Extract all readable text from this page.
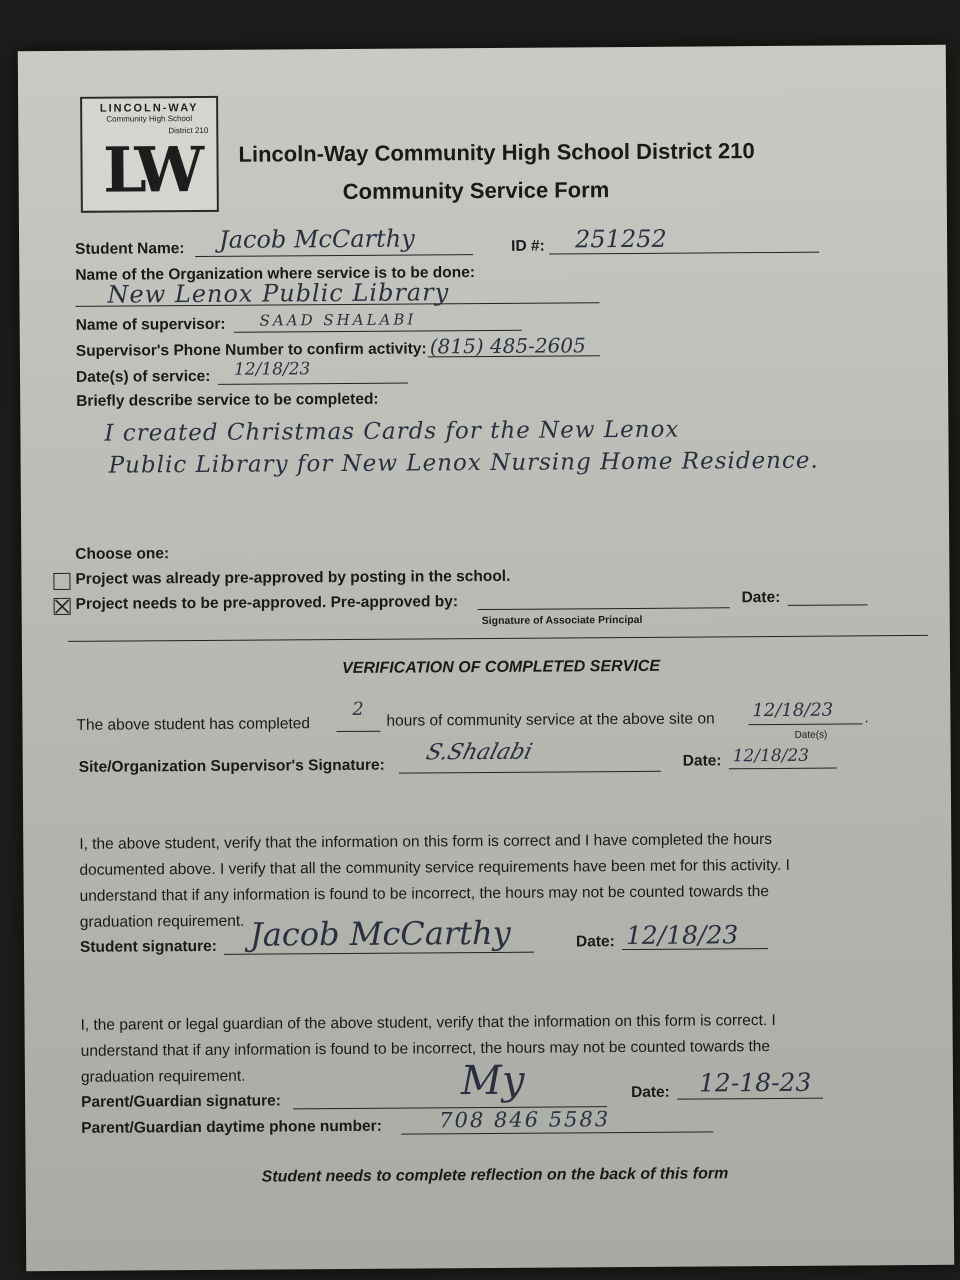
LINCOLN-WAY
Community High School
District 210
LW	Lincoln-Way Community High School District 210
Community Service Form
Student Name: Jacob McCarthy	ID #: 251252
Name of the Organization where service is to be done:
New Lenox Public Library
Name of supervisor: SAAD SHALABI
Supervisor's Phone Number to confirm activity: (815) 485-2605
Date(s) of service: 12/18/23
Briefly describe service to be completed:
I created Christmas Cards for the New Lenox
Public Library for New Lenox Nursing Home Residence.
Choose one:
Project was already pre-approved by posting in the school.
Project needs to be pre-approved. Pre-approved by:	Date:
Signature of Associate Principal
VERIFICATION OF COMPLETED SERVICE
The above student has completed
2
hours of community service at the above site on 12/18/23 .
Date(s)
Site/Organization Supervisor's Signature:
S.Shalabi	Date: 12/18/23
I, the above student, verify that the information on this form is correct and I have completed the hours
documented above. I verify that all the community service requirements have been met for this activity. I
understand that if any information is found to be incorrect, the hours may not be counted towards the
graduation requirement.
Student signature: Jacob McCarthy	Date: 12/18/23
I, the parent or legal guardian of the above student, verify that the information on this form is correct. I
understand that if any information is found to be incorrect, the hours may not be counted towards the
graduation requirement.
Parent/Guardian signature:	My	Date: 12-18-23
Parent/Guardian daytime phone number:	708 846 5583
Student needs to complete reflection on the back of this form
